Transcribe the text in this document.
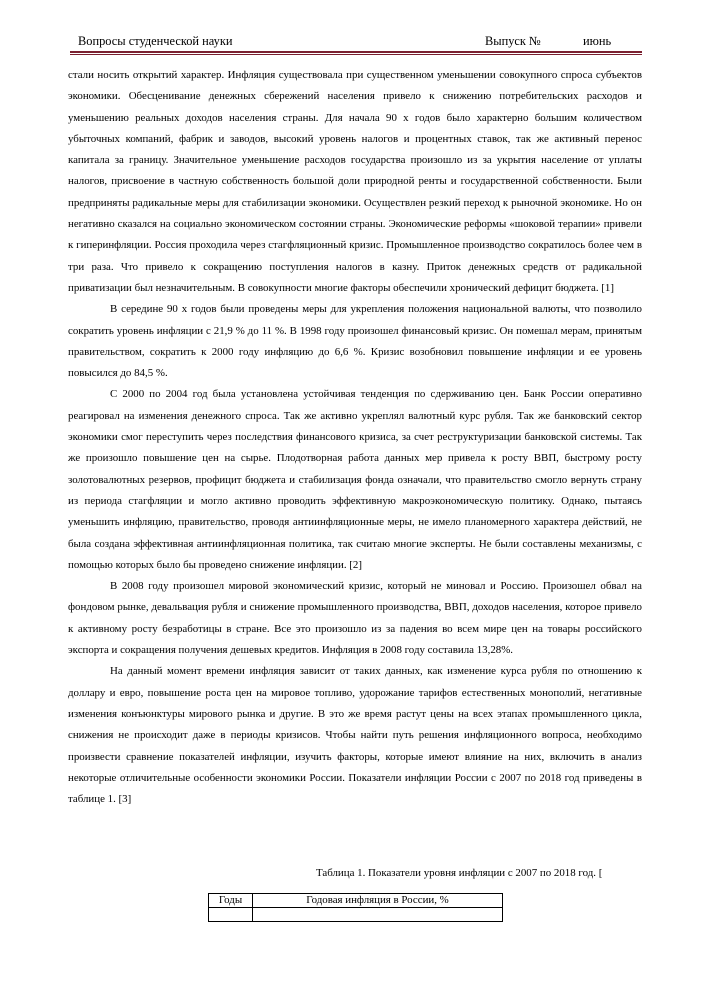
Вопросы студенческой науки	Выпуск №	июнь

стали носить открытий характер. Инфляция существовала при существенном уменьшении совокупного спроса субъектов экономики. Обесценивание денежных сбережений населения привело к снижению потребительских расходов и уменьшению реальных доходов населения страны. Для начала 90 х годов было характерно большим количеством убыточных компаний, фабрик и заводов, высокий уровень налогов и процентных ставок, так же активный перенос капитала за границу. Значительное уменьшение расходов государства произошло из за укрытия население от уплаты налогов, присвоение в частную собственность большой доли природной ренты и государственной собственности. Были предприняты радикальные меры для стабилизации экономики. Осуществлен резкий переход к рыночной экономике. Но он негативно сказался на социально экономическом состоянии страны. Экономические реформы «шоковой терапии» привели к гиперинфляции. Россия проходила через стагфляционный кризис. Промышленное производство сократилось более чем в три раза. Что привело к сокращению поступления налогов в казну. Приток денежных средств от радикальной приватизации был незначительным. В совокупности многие факторы обеспечили хронический дефицит бюджета. [1]

В середине 90 х годов были проведены меры для укрепления положения национальной валюты, что позволило сократить уровень инфляции с 21,9 % до 11 %. В 1998 году произошел финансовый кризис. Он помешал мерам, принятым правительством, сократить к 2000 году инфляцию до 6,6 %. Кризис возобновил повышение инфляции и ее уровень повысился до 84,5 %.

С 2000 по 2004 год была установлена устойчивая тенденция по сдерживанию цен. Банк России оперативно реагировал на изменения денежного спроса. Так же активно укреплял валютный курс рубля. Так же банковский сектор экономики смог переступить через последствия финансового кризиса, за счет реструктуризации банковской системы. Так же произошло повышение цен на сырье. Плодотворная работа данных мер привела к росту ВВП, быстрому росту золотовалютных резервов, профицит бюджета и стабилизация фонда означали, что правительство смогло вернуть страну из периода стагфляции и могло активно проводить эффективную макроэкономическую политику. Однако, пытаясь уменьшить инфляцию, правительство, проводя антиинфляционные меры, не имело планомерного характера действий, не была создана эффективная антиинфляционная политика, так считаю многие эксперты. Не были составлены механизмы, с помощью которых было бы проведено снижение инфляции. [2]

В 2008 году произошел мировой экономический кризис, который не миновал и Россию. Произошел обвал на фондовом рынке, девальвация рубля и снижение промышленного производства, ВВП, доходов населения, которое привело к активному росту безработицы в стране. Все это произошло из за падения во всем мире цен на товары российского экспорта и сокращения получения дешевых кредитов. Инфляция в 2008 году составила 13,28%.

На данный момент времени инфляция зависит от таких данных, как изменение курса рубля по отношению к доллару и евро, повышение роста цен на мировое топливо, удорожание тарифов естественных монополий, негативные изменения конъюнктуры мирового рынка и другие. В это же время растут цены на всех этапах промышленного цикла, снижения не происходит даже в периоды кризисов. Чтобы найти путь решения инфляционного вопроса, необходимо произвести сравнение показателей инфляции, изучить факторы, которые имеют влияние на них, включить в анализ некоторые отличительные особенности экономики России. Показатели инфляции России с 2007 по 2018 год приведены в таблице 1. [3]

Таблица 1. Показатели уровня инфляции с 2007 по 2018 год. [
Годы	Годовая инфляция в России, %
